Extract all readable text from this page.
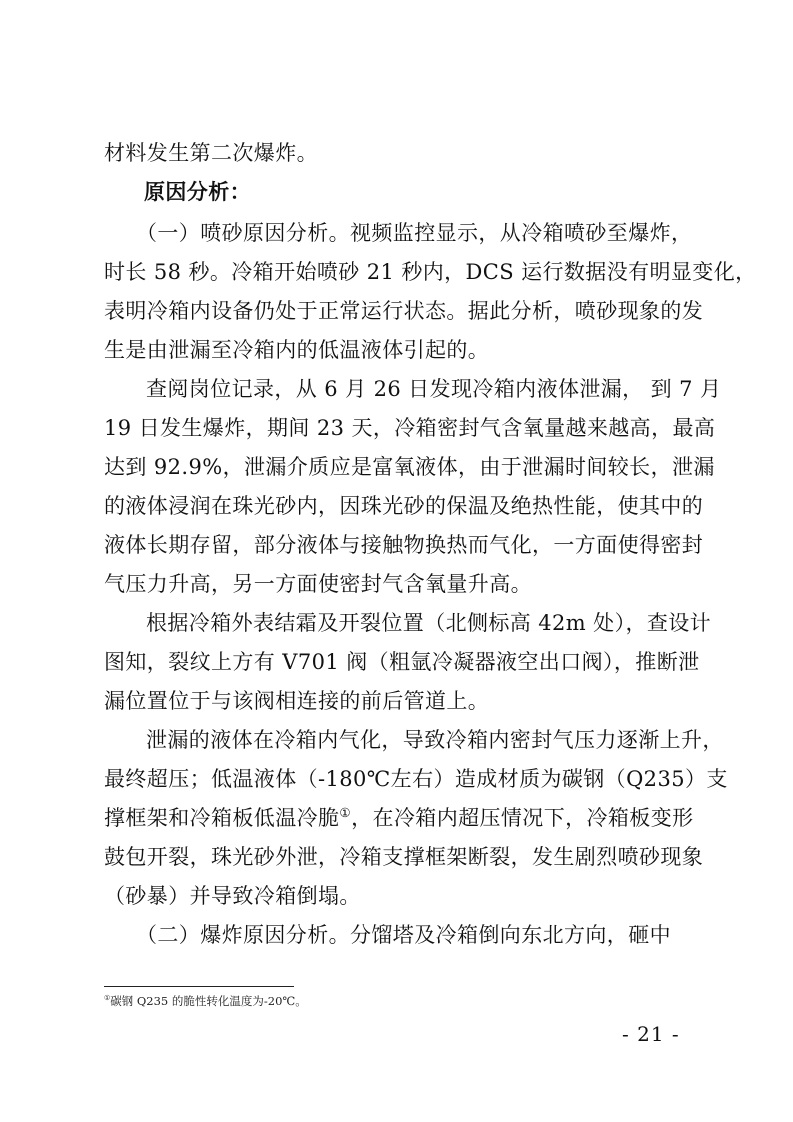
材料发生第二次爆炸。
原因分析：
（一）喷砂原因分析。视频监控显示，从冷箱喷砂至爆炸，
时长 58 秒。冷箱开始喷砂 21 秒内，DCS 运行数据没有明显变化，
表明冷箱内设备仍处于正常运行状态。据此分析，喷砂现象的发
生是由泄漏至冷箱内的低温液体引起的。
查阅岗位记录，从 6 月 26 日发现冷箱内液体泄漏， 到 7 月
19 日发生爆炸，期间 23 天，冷箱密封气含氧量越来越高，最高
达到 92.9%，泄漏介质应是富氧液体，由于泄漏时间较长，泄漏
的液体浸润在珠光砂内，因珠光砂的保温及绝热性能，使其中的
液体长期存留，部分液体与接触物换热而气化，一方面使得密封
气压力升高，另一方面使密封气含氧量升高。
根据冷箱外表结霜及开裂位置（北侧标高 42m 处），查设计
图知，裂纹上方有 V701 阀（粗氩冷凝器液空出口阀），推断泄
漏位置位于与该阀相连接的前后管道上。
泄漏的液体在冷箱内气化，导致冷箱内密封气压力逐渐上升，
最终超压；低温液体（-180℃左右）造成材质为碳钢（Q235）支
撑框架和冷箱板低温冷脆①，在冷箱内超压情况下，冷箱板变形
鼓包开裂，珠光砂外泄，冷箱支撑框架断裂，发生剧烈喷砂现象
（砂暴）并导致冷箱倒塌。
（二）爆炸原因分析。分馏塔及冷箱倒向东北方向，砸中
①碳钢 Q235 的脆性转化温度为-20℃。
- 21 -
